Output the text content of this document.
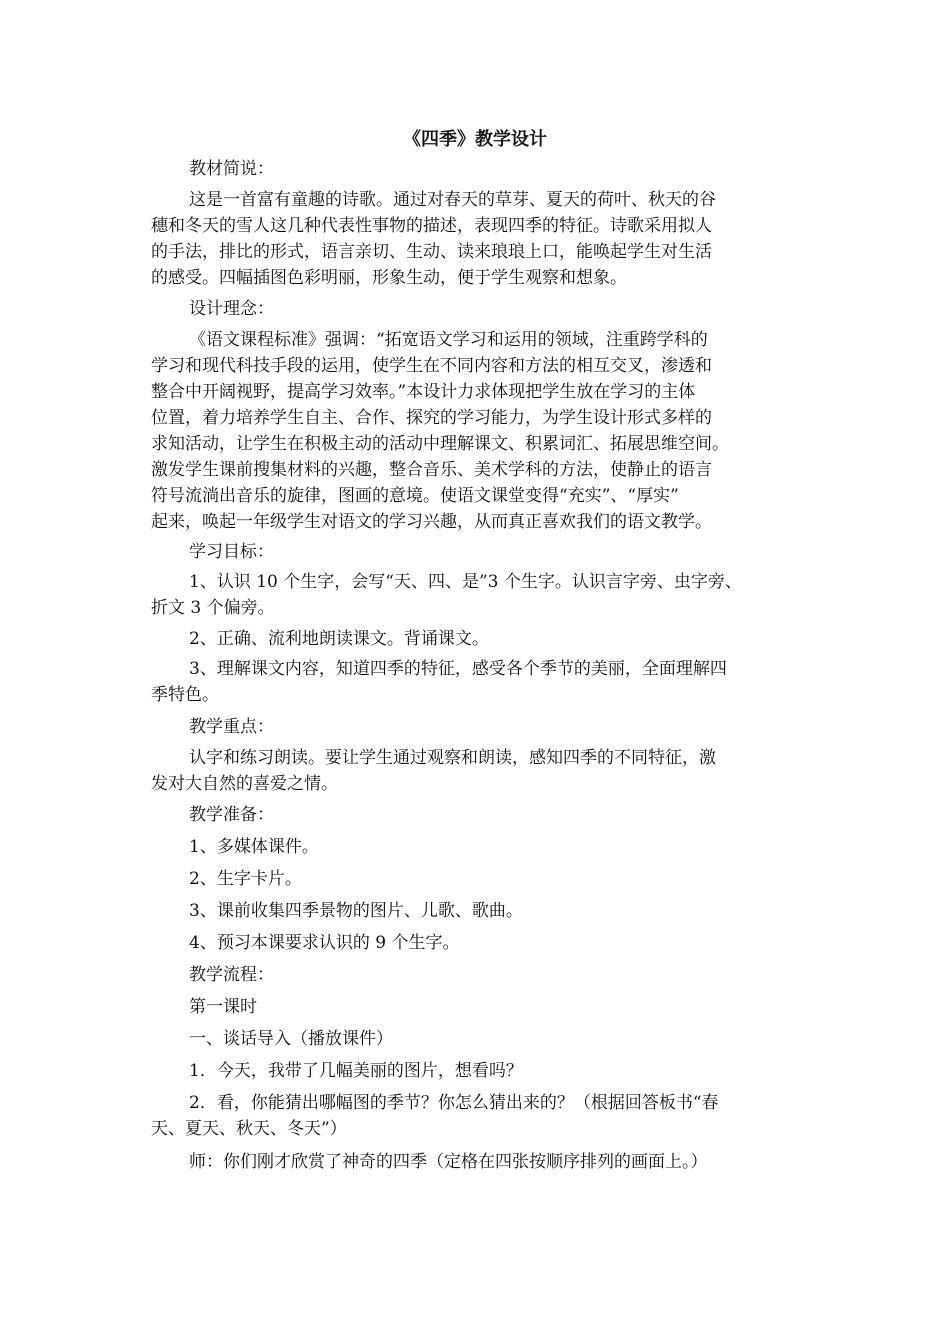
《四季》教学设计
教材简说：
这是一首富有童趣的诗歌。通过对春天的草芽、夏天的荷叶、秋天的谷
穗和冬天的雪人这几种代表性事物的描述，表现四季的特征。诗歌采用拟人
的手法，排比的形式，语言亲切、生动、读来琅琅上口，能唤起学生对生活
的感受。四幅插图色彩明丽，形象生动，便于学生观察和想象。
设计理念：
《语文课程标准》强调：“拓宽语文学习和运用的领域，注重跨学科的
学习和现代科技手段的运用，使学生在不同内容和方法的相互交叉，渗透和
整合中开阔视野，提高学习效率。”本设计力求体现把学生放在学习的主体
位置，着力培养学生自主、合作、探究的学习能力，为学生设计形式多样的
求知活动，让学生在积极主动的活动中理解课文、积累词汇、拓展思维空间。
激发学生课前搜集材料的兴趣，整合音乐、美术学科的方法，使静止的语言
符号流淌出音乐的旋律，图画的意境。使语文课堂变得“充实”、“厚实”
起来，唤起一年级学生对语文的学习兴趣，从而真正喜欢我们的语文教学。
学习目标：
1、认识 10 个生字，会写“天、四、是”3 个生字。认识言字旁、虫字旁、
折文 3 个偏旁。
2、正确、流利地朗读课文。背诵课文。
3、理解课文内容，知道四季的特征，感受各个季节的美丽，全面理解四
季特色。
教学重点：
认字和练习朗读。要让学生通过观察和朗读，感知四季的不同特征，激
发对大自然的喜爱之情。
教学准备：
1、多媒体课件。
2、生字卡片。
3、课前收集四季景物的图片、儿歌、歌曲。
4、预习本课要求认识的 9 个生字。
教学流程：
第一课时
一、谈话导入（播放课件）
1．今天，我带了几幅美丽的图片，想看吗？
2．看，你能猜出哪幅图的季节？你怎么猜出来的？（根据回答板书“春
天、夏天、秋天、冬天”）
师：你们刚才欣赏了神奇的四季（定格在四张按顺序排列的画面上。）
